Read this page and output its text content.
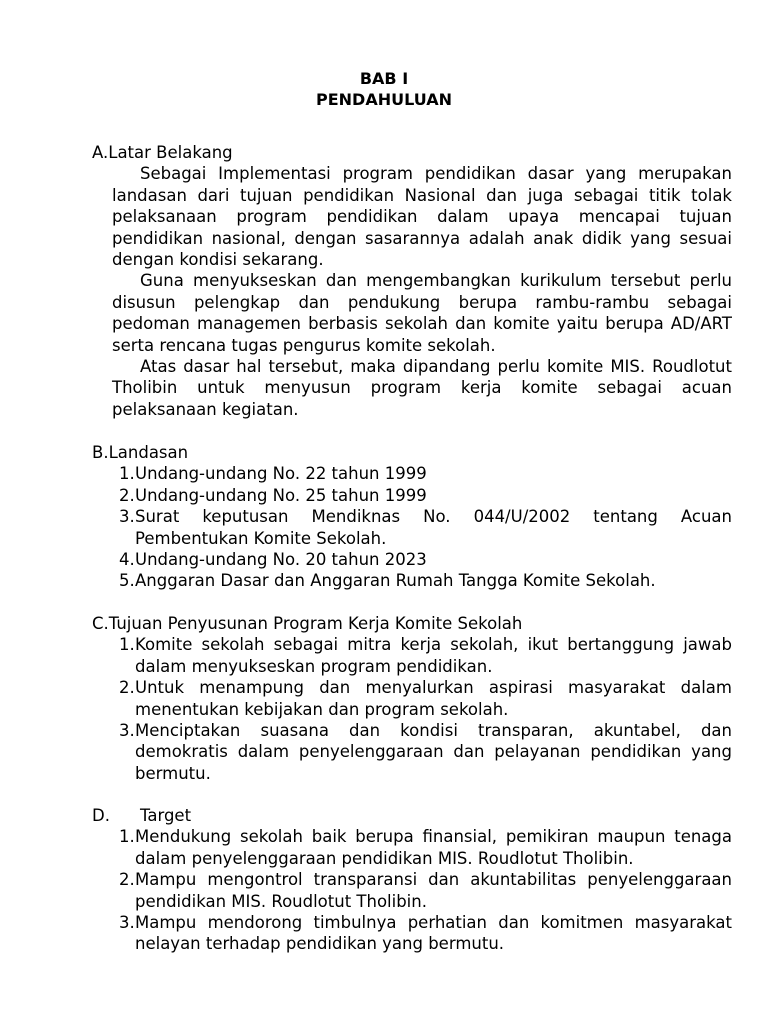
BAB I
PENDAHULUAN

A. Latar Belakang

Sebagai Implementasi program pendidikan dasar yang merupakan landasan dari tujuan pendidikan Nasional dan juga sebagai titik tolak pelaksanaan program pendidikan dalam upaya mencapai tujuan pendidikan nasional, dengan sasarannya adalah anak didik yang sesuai dengan kondisi sekarang.

Guna menyukseskan dan mengembangkan kurikulum tersebut perlu disusun pelengkap dan pendukung berupa rambu-rambu sebagai pedoman managemen berbasis sekolah dan komite yaitu berupa AD/ART serta rencana tugas pengurus komite sekolah.

Atas dasar hal tersebut, maka dipandang perlu komite MIS. Roudlotut Tholibin untuk menyusun program kerja komite sebagai acuan pelaksanaan kegiatan.

B. Landasan

1. Undang-undang No. 22 tahun 1999
2. Undang-undang No. 25 tahun 1999
3. Surat keputusan Mendiknas No. 044/U/2002 tentang Acuan Pembentukan Komite Sekolah.
4. Undang-undang No. 20 tahun 2023
5. Anggaran Dasar dan Anggaran Rumah Tangga Komite Sekolah.

C. Tujuan Penyusunan Program Kerja Komite Sekolah

1. Komite sekolah sebagai mitra kerja sekolah, ikut bertanggung jawab dalam menyukseskan program pendidikan.
2. Untuk menampung dan menyalurkan aspirasi masyarakat dalam menentukan kebijakan dan program sekolah.
3. Menciptakan suasana dan kondisi transparan, akuntabel, dan demokratis dalam penyelenggaraan dan pelayanan pendidikan yang bermutu.

D.	Target

1. Mendukung sekolah baik berupa finansial, pemikiran maupun tenaga dalam penyelenggaraan pendidikan MIS. Roudlotut Tholibin.
2. Mampu mengontrol transparansi dan akuntabilitas penyelenggaraan pendidikan MIS. Roudlotut Tholibin.
3. Mampu mendorong timbulnya perhatian dan komitmen masyarakat nelayan terhadap pendidikan yang bermutu.
